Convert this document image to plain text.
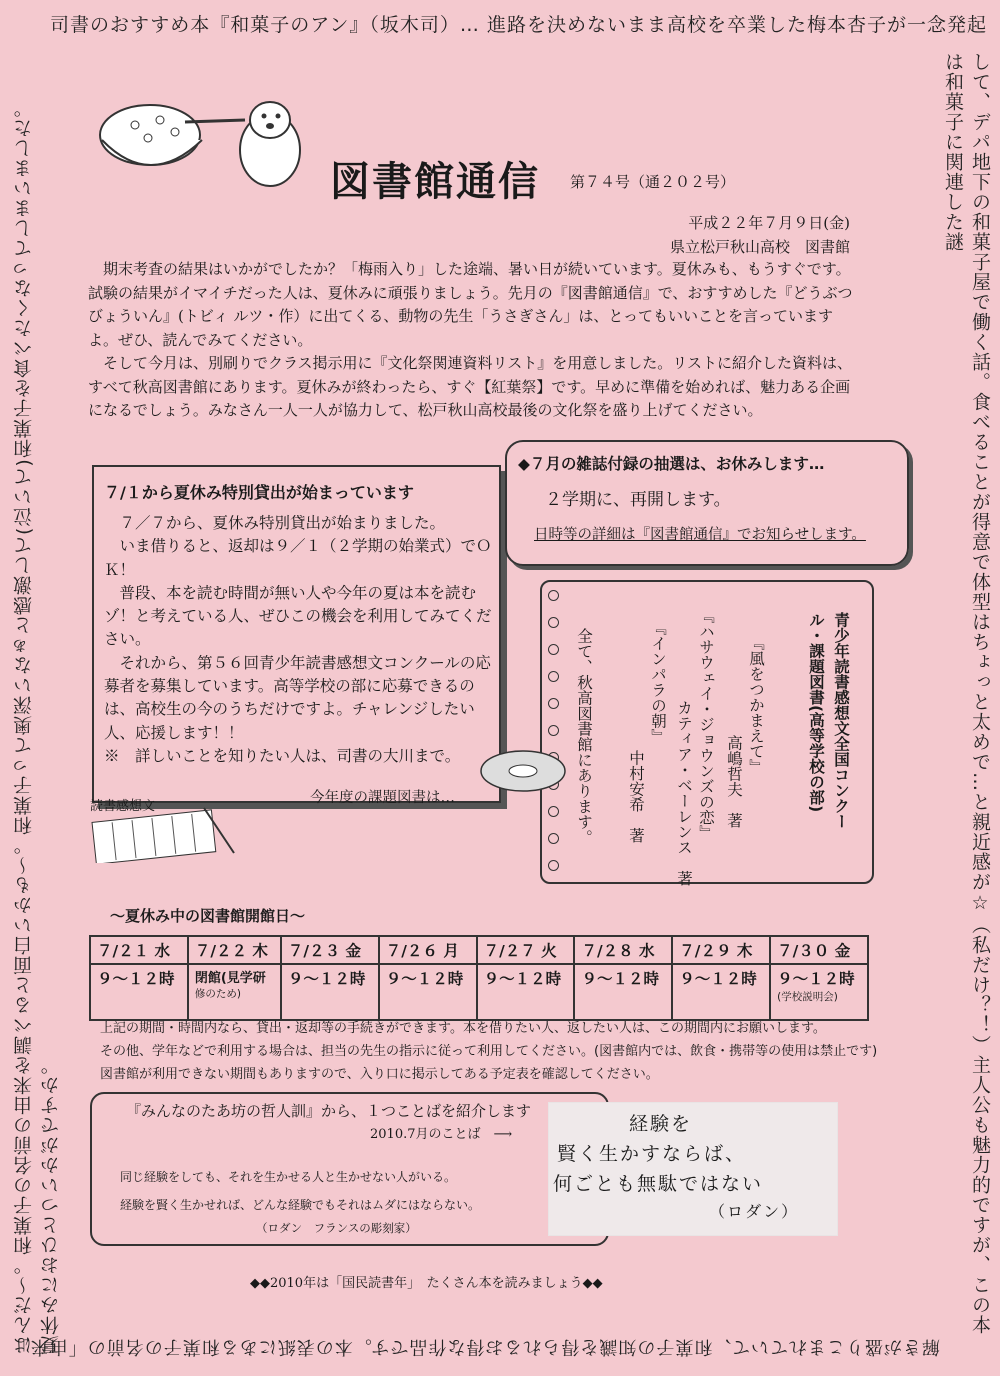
司書のおすすめ本『和菓子のアン』（坂木司）… 進路を決めないまま高校を卒業した梅本杏子が一念発起
して、デパ地下の和菓子屋で働く話。食べることが得意で体型はちょっと太めで…と親近感が☆（私だけ？！）主人公も魅力的ですが、この本は和菓子に関連した謎
はんだ〜。和菓子の名前の由来を調べると面白いかも〜。和菓子って奥深いなぁと感激して(泣いて)和菓子を食べたくなってしまいました。夏休みにおひとついかがですか。
解きが盛りこまれていて、和菓子の知識を得られるお得な作品です。本の表紙にある和菓子の名前の「由来」
図書館通信 第７４号（通２０２号）
平成２２年７月９日(金)
県立松戸秋山高校　図書館

期末考査の結果はいかがでしたか？「梅雨入り」した途端、暑い日が続いています。夏休みも、もうすぐです。

試験の結果がイマイチだった人は、夏休みに頑張りましょう。先月の『図書館通信』で、おすすめした『どうぶつびょういん』(トビィ ルツ・作）に出てくる、動物の先生「うさぎさん」は、とってもいいことを言っていますよ。ぜひ、読んでみてください。

そして今月は、別刷りでクラス掲示用に『文化祭関連資料リスト』を用意しました。リストに紹介した資料は、すべて秋高図書館にあります。夏休みが終わったら、すぐ【紅葉祭】です。早めに準備を始めれば、魅力ある企画になるでしょう。みなさん一人一人が協力して、松戸秋山高校最後の文化祭を盛り上げてください。

７/１から夏休み特別貸出が始まっています

　７／７から、夏休み特別貸出が始まりました。

　いま借りると、返却は９／１（２学期の始業式）でＯＫ！

　普段、本を読む時間が無い人や今年の夏は本を読むゾ！と考えている人、ぜひこの機会を利用してみてください。

　それから、第５６回青少年読書感想文コンクールの応募者を募集しています。高等学校の部に応募できるのは、高校生の今のうちだけですよ。チャレンジしたい人、応援します！！

※　詳しいことを知りたい人は、司書の大川まで。

◆７月の雑誌付録の抽選は、お休みします…
２学期に、再開します。
日時等の詳細は『図書館通信』でお知らせします。
青少年読書感想文全国コンクー
ル・課題図書(高等学校の部)
『風をつかまえて』
高嶋哲夫　著
『ハサウェイ・ジョウンズの恋』
カティア・ベーレンス　著
『インパラの朝』
中村安希　著
全て、秋高図書館にあります。
今年度の課題図書は…
読書感想文
～夏休み中の図書館開館日～
７/２１ 水	７/２２ 木	７/２３ 金	７/２６ 月	７/２７ 火	７/２８ 水	７/２９ 木	７/３０ 金
９～１２時	閉館(見学研
修のため)	９～１２時	９～１２時	９～１２時	９～１２時	９～１２時	９～１２時
(学校説明会)

上記の期間・時間内なら、貸出・返却等の手続きができます。本を借りたい人、返したい人は、この期間内にお願いします。

その他、学年などで利用する場合は、担当の先生の指示に従って利用してください。(図書館内では、飲食・携帯等の使用は禁止です)

図書館が利用できない期間もありますので、入り口に掲示してある予定表を確認してください。

『みんなのたあ坊の哲人訓』から、１つことばを紹介します
2010.7月のことば　⟶
同じ経験をしても、それを生かせる人と生かせない人がいる。
経験を賢く生かせれば、どんな経験でもそれはムダにはならない。
（ロダン　フランスの彫刻家）
経験を
賢く生かすならば、
何ごとも無駄ではない
（ロダン）
◆◆2010年は「国民読書年」　たくさん本を読みましょう◆◆
